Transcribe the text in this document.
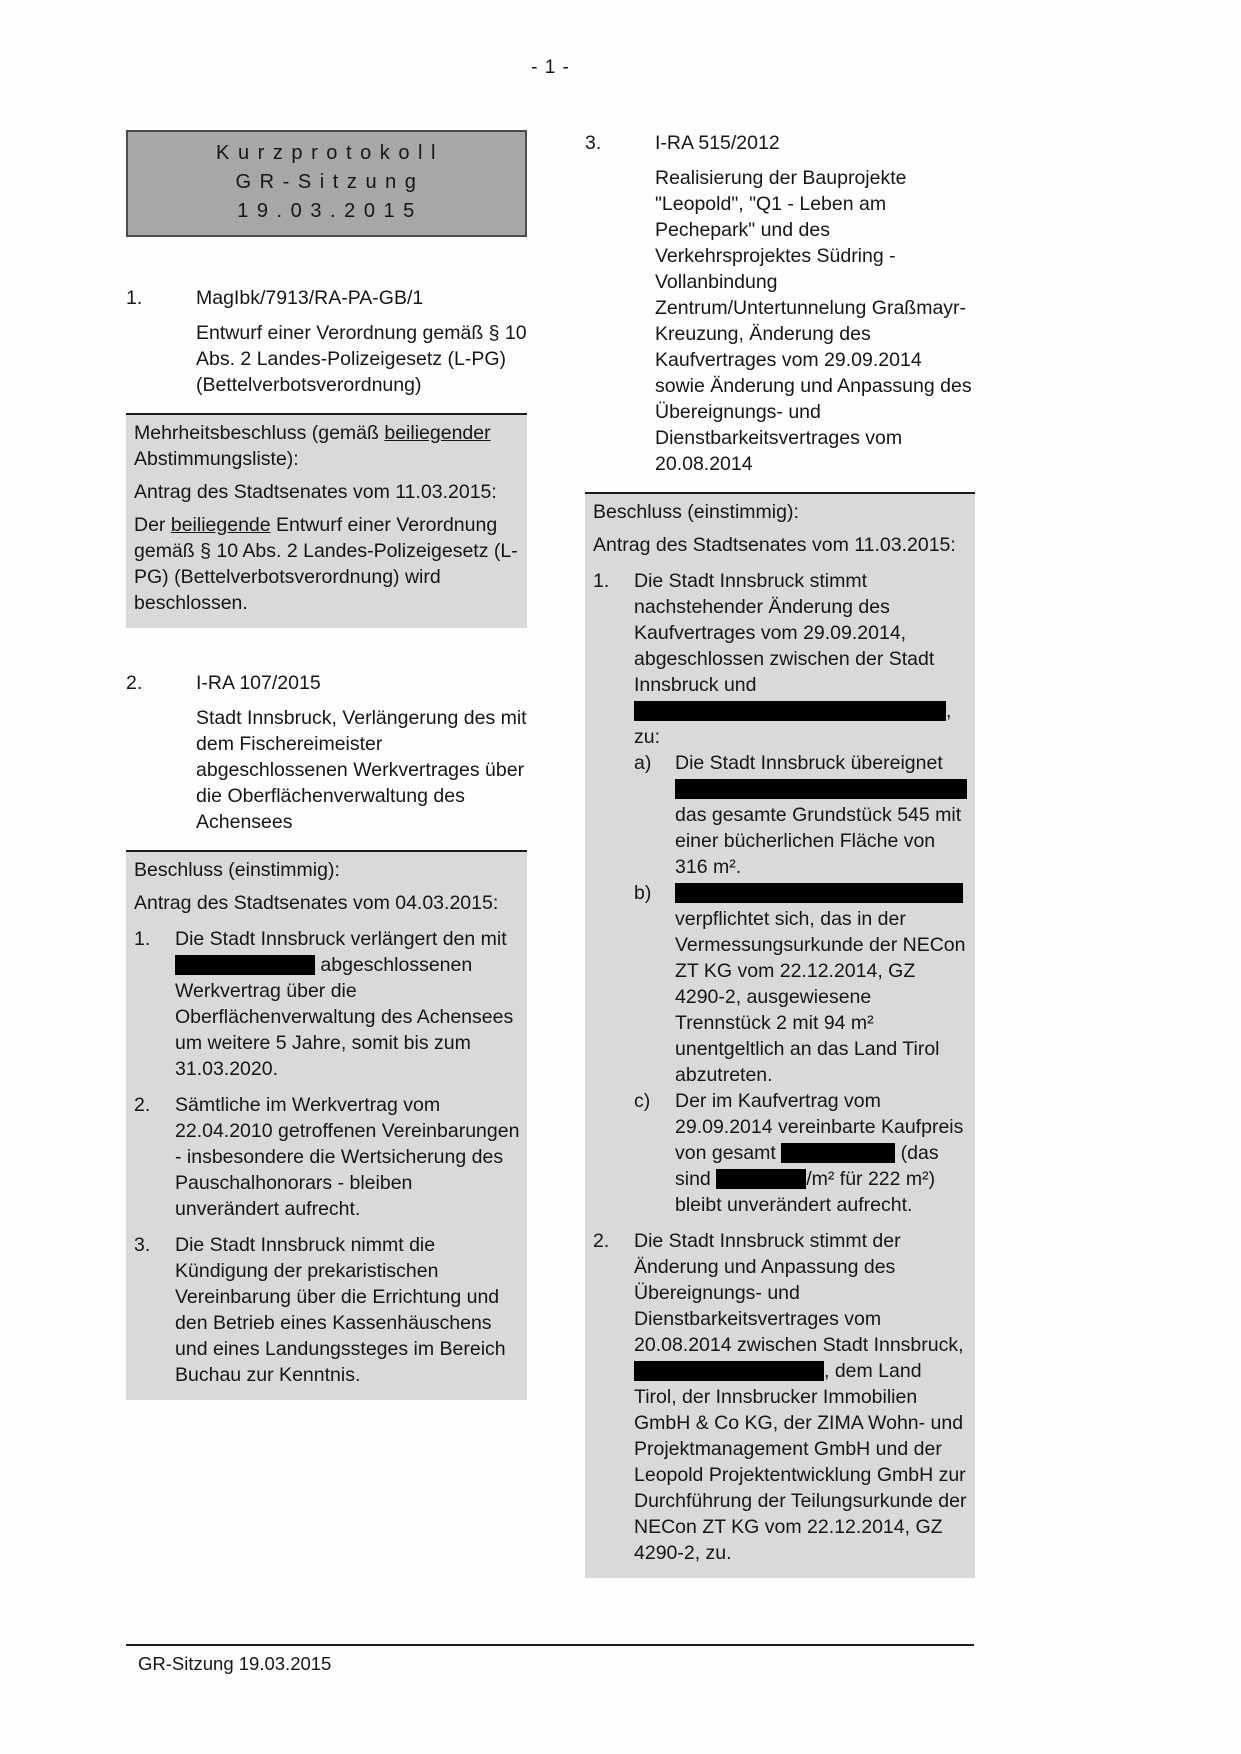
- 1 -
K u r z p r o t o k o l l
G R - S i t z u n g
1 9 . 0 3 . 2 0 1 5
1.	MagIbk/7913/RA-PA-GB/1
Entwurf einer Verordnung gemäß § 10 Abs. 2 Landes-Polizeigesetz (L-PG) (Bettelverbotsverordnung)

Mehrheitsbeschluss (gemäß beiliegender Abstimmungsliste):

Antrag des Stadtsenates vom 11.03.2015:

Der beiliegende Entwurf einer Verordnung gemäß § 10 Abs. 2 Landes-Polizeigesetz (L-PG) (Bettelverbotsverordnung) wird beschlossen.

2.	I-RA 107/2015
Stadt Innsbruck, Verlängerung des mit dem Fischereimeister abgeschlossenen Werkvertrages über die Oberflächenverwaltung des Achensees

Beschluss (einstimmig):

Antrag des Stadtsenates vom 04.03.2015:

1.	Die Stadt Innsbruck verlängert den mit  abgeschlossenen Werkvertrag über die Oberflächenverwaltung des Achensees um weitere 5 Jahre, somit bis zum 31.03.2020.
2.	Sämtliche im Werkvertrag vom 22.04.2010 getroffenen Vereinbarungen - insbesondere die Wertsicherung des Pauschalhonorars - bleiben unverändert aufrecht.
3.	Die Stadt Innsbruck nimmt die Kündigung der prekaristischen Vereinbarung über die Errichtung und den Betrieb eines Kassenhäuschens und eines Landungssteges im Bereich Buchau zur Kenntnis.
3.	I-RA 515/2012
Realisierung der Bauprojekte "Leopold", "Q1 - Leben am Pechepark" und des Verkehrsprojektes Südring - Vollanbindung Zentrum/Untertunnelung Graßmayr-Kreuzung, Änderung des Kaufvertrages vom 29.09.2014 sowie Änderung und Anpassung des Übereignungs- und Dienstbarkeitsvertrages vom 20.08.2014

Beschluss (einstimmig):

Antrag des Stadtsenates vom 11.03.2015:

1.	Die Stadt Innsbruck stimmt nachstehender Änderung des Kaufvertrages vom 29.09.2014, abgeschlossen zwischen der Stadt Innsbruck und , zu:
a)	Die Stadt Innsbruck übereignet  das gesamte Grundstück 545 mit einer bücherlichen Fläche von 316 m².
b)
verpflichtet sich, das in der Vermessungsurkunde der NECon ZT KG vom 22.12.2014, GZ 4290-2, ausgewiesene Trennstück 2 mit 94 m² unentgeltlich an das Land Tirol abzutreten.
c)	Der im Kaufvertrag vom 29.09.2014 vereinbarte Kaufpreis von gesamt	(das sind	/m² für 222 m²) bleibt unverändert aufrecht.
2.	Die Stadt Innsbruck stimmt der Änderung und Anpassung des Übereignungs- und Dienstbarkeitsvertrages vom 20.08.2014 zwischen Stadt Innsbruck, , dem Land Tirol, der Innsbrucker Immobilien GmbH & Co KG, der ZIMA Wohn- und Projektmanagement GmbH und der Leopold Projektentwicklung GmbH zur Durchführung der Teilungsurkunde der NECon ZT KG vom 22.12.2014, GZ 4290-2, zu.
GR-Sitzung 19.03.2015
